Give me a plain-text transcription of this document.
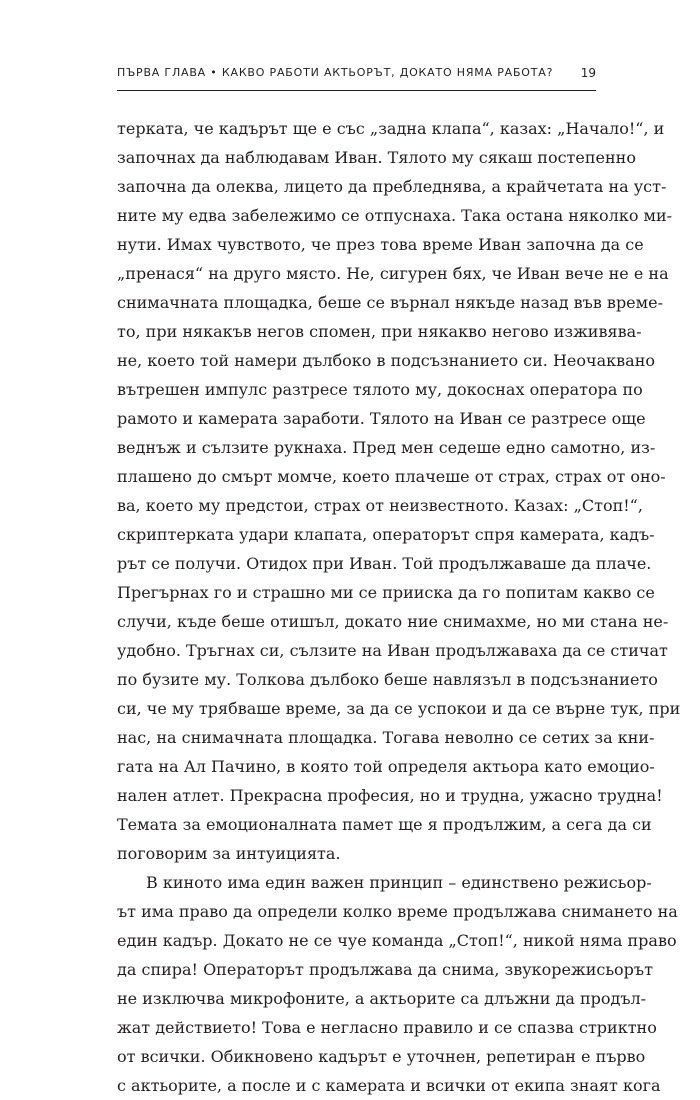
ПЪРВА ГЛАВА • КАКВО РАБОТИ АКТЬОРЪТ, ДОКАТО НЯМА РАБОТА? 19
терката, че кадърът ще е със „задна клапа“, казах: „Начало!“, и
започнах да наблюдавам Иван. Тялото му сякаш постепенно
започна да олеква, лицето да пребледнява, а крайчетата на уст-
ните му едва забележимо се отпуснаха. Така остана няколко ми-
нути. Имах чувството, че през това време Иван започна да се
„пренася“ на друго място. Не, сигурен бях, че Иван вече не е на
снимачната площадка, беше се върнал някъде назад във време-
то, при някакъв негов спомен, при някакво негово изживява-
не, което той намери дълбоко в подсъзнанието си. Неочаквано
вътрешен импулс разтресе тялото му, докоснах оператора по
рамото и камерата заработи. Тялото на Иван се разтресе още
веднъж и сълзите рукнаха. Пред мен седеше едно самотно, из-
плашено до смърт момче, което плачеше от страх, страх от оно-
ва, което му предстои, страх от неизвестното. Казах: „Стоп!“,
скриптерката удари клапата, операторът спря камерата, кадъ-
рът се получи. Отидох при Иван. Той продължаваше да плаче.
Прегърнах го и страшно ми се прииска да го попитам какво се
случи, къде беше отишъл, докато ние снимахме, но ми стана не-
удобно. Тръгнах си, сълзите на Иван продължаваха да се стичат
по бузите му. Толкова дълбоко беше навлязъл в подсъзнанието
си, че му трябваше време, за да се успокои и да се върне тук, при
нас, на снимачната площадка. Тогава неволно се сетих за кни-
гата на Ал Пачино, в която той определя актьора като емоцио-
нален атлет. Прекрасна професия, но и трудна, ужасно трудна!
Темата за емоционалната памет ще я продължим, а сега да си
поговорим за интуицията.
В киното има един важен принцип – единствено режисьор-
ът има право да определи колко време продължава снимането на
един кадър. Докато не се чуе команда „Стоп!“, никой няма право
да спира! Операторът продължава да снима, звукорежисьорът
не изключва микрофоните, а актьорите са длъжни да продъл-
жат действието! Това е негласно правило и се спазва стриктно
от всички. Обикновено кадърът е уточнен, репетиран е първо
с актьорите, а после и с камерата и всички от екипа знаят кога
